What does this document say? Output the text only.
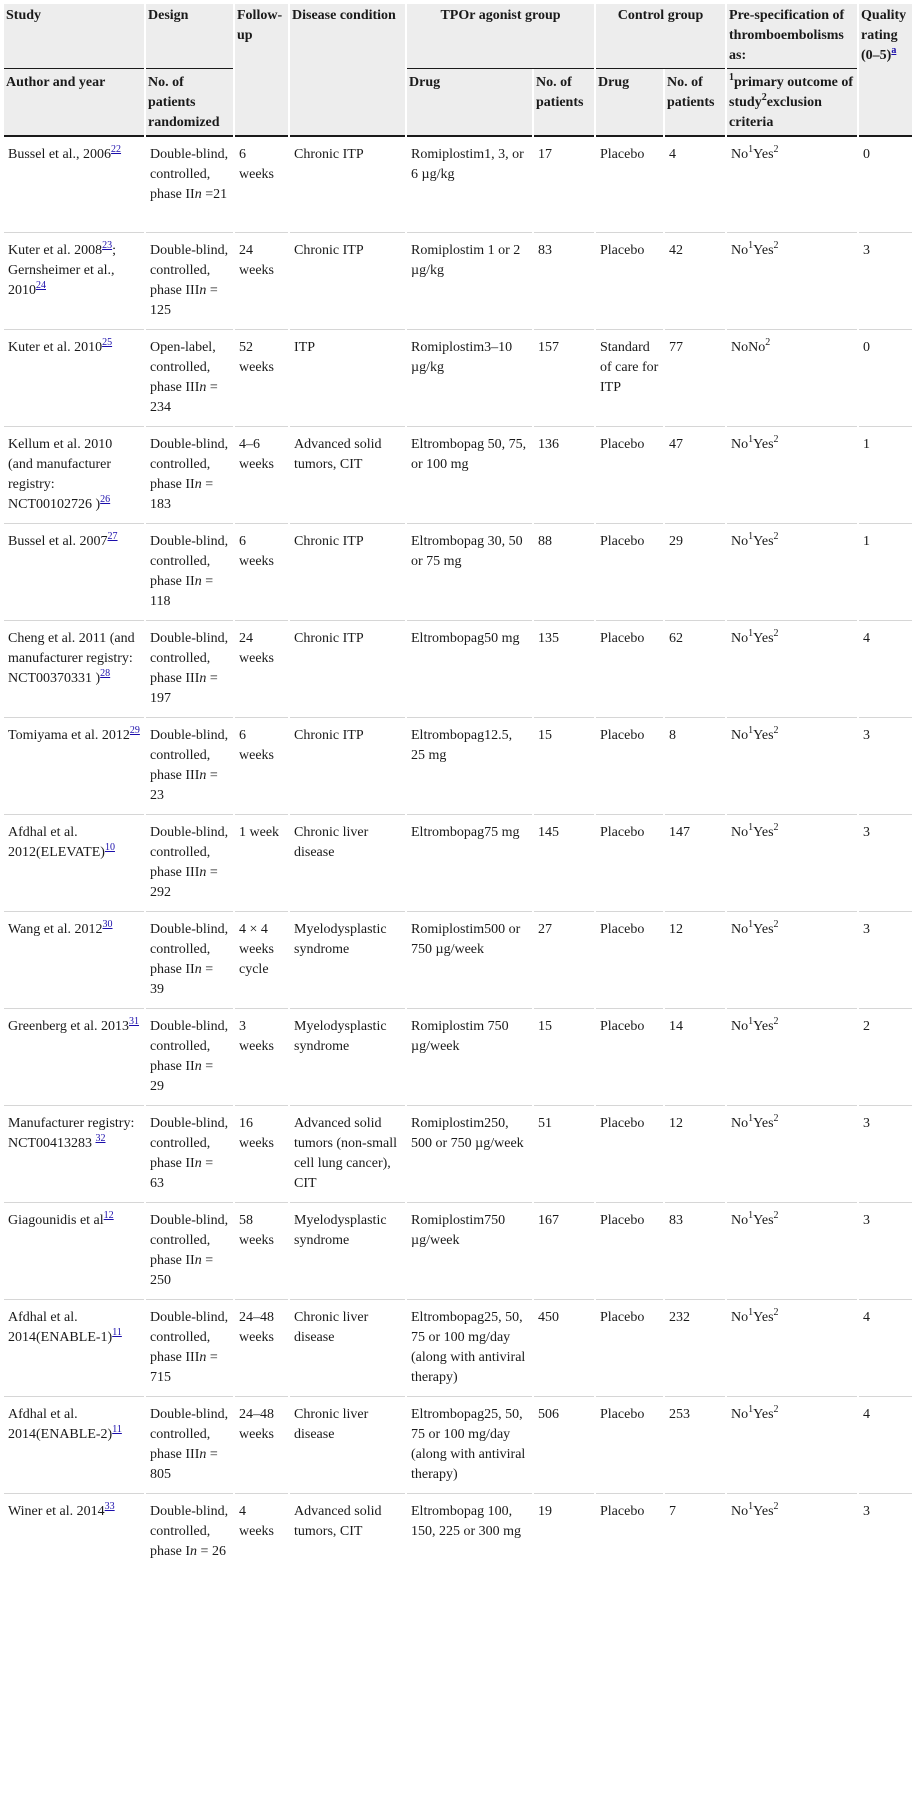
Study	Design	Follow-up	Disease condition	TPOr agonist group		Control group		Pre-specification of thromboembolisms as:	Quality rating (0–5)$^a$
Author and year	No. of patients randomized			Drug	No. of patients	Drug	No. of patients	$^1$primary outcome of study$^2$exclusion criteria	
Bussel et al., 2006$^{22}$	Double-blind, controlled, phase IIn =21	6 weeks	Chronic ITP	Romiplostim1, 3, or 6 µg/kg	17	Placebo	4	No$^1$Yes$^2$	0
Kuter et al. 2008$^{23}$; Gernsheimer et al., 2010$^{24}$	Double-blind, controlled, phase IIIn = 125	24 weeks	Chronic ITP	Romiplostim 1 or 2 µg/kg	83	Placebo	42	No$^1$Yes$^2$	3
Kuter et al. 2010$^{25}$	Open-label, controlled, phase IIIn = 234	52 weeks	ITP	Romiplostim3–10 µg/kg	157	Standard of care for ITP	77	NoNo$^2$	0
Kellum et al. 2010 (and manufacturer registry: NCT00102726 )$^{26}$	Double-blind, controlled, phase IIn = 183	4–6 weeks	Advanced solid tumors, CIT	Eltrombopag 50, 75, or 100 mg	136	Placebo	47	No$^1$Yes$^2$	1
Bussel et al. 2007$^{27}$	Double-blind, controlled, phase IIn = 118	6 weeks	Chronic ITP	Eltrombopag 30, 50 or 75 mg	88	Placebo	29	No$^1$Yes$^2$	1
Cheng et al. 2011 (and manufacturer registry: NCT00370331 )$^{28}$	Double-blind, controlled, phase IIIn = 197	24 weeks	Chronic ITP	Eltrombopag50 mg	135	Placebo	62	No$^1$Yes$^2$	4
Tomiyama et al. 2012$^{29}$	Double-blind, controlled, phase IIIn = 23	6 weeks	Chronic ITP	Eltrombopag12.5, 25 mg	15	Placebo	8	No$^1$Yes$^2$	3
Afdhal et al. 2012(ELEVATE)$^{10}$	Double-blind, controlled, phase IIIn = 292	1 week	Chronic liver disease	Eltrombopag75 mg	145	Placebo	147	No$^1$Yes$^2$	3
Wang et al. 2012$^{30}$	Double-blind, controlled, phase IIn = 39	4 × 4 weeks cycle	Myelodysplastic syndrome	Romiplostim500 or 750 µg/week	27	Placebo	12	No$^1$Yes$^2$	3
Greenberg et al. 2013$^{31}$	Double-blind, controlled, phase IIn = 29	3 weeks	Myelodysplastic syndrome	Romiplostim 750 µg/week	15	Placebo	14	No$^1$Yes$^2$	2
Manufacturer registry: NCT00413283 $^{32}$	Double-blind, controlled, phase IIn = 63	16 weeks	Advanced solid tumors (non-small cell lung cancer), CIT	Romiplostim250, 500 or 750 µg/week	51	Placebo	12	No$^1$Yes$^2$	3
Giagounidis et al$^{12}$	Double-blind, controlled, phase IIn = 250	58 weeks	Myelodysplastic syndrome	Romiplostim750 µg/week	167	Placebo	83	No$^1$Yes$^2$	3
Afdhal et al. 2014(ENABLE-1)$^{11}$	Double-blind, controlled, phase IIIn = 715	24–48 weeks	Chronic liver disease	Eltrombopag25, 50, 75 or 100 mg/day (along with antiviral therapy)	450	Placebo	232	No$^1$Yes$^2$	4
Afdhal et al. 2014(ENABLE-2)$^{11}$	Double-blind, controlled, phase IIIn = 805	24–48 weeks	Chronic liver disease	Eltrombopag25, 50, 75 or 100 mg/day (along with antiviral therapy)	506	Placebo	253	No$^1$Yes$^2$	4
Winer et al. 2014$^{33}$	Double-blind, controlled, phase In = 26	4 weeks	Advanced solid tumors, CIT	Eltrombopag 100, 150, 225 or 300 mg	19	Placebo	7	No$^1$Yes$^2$	3
